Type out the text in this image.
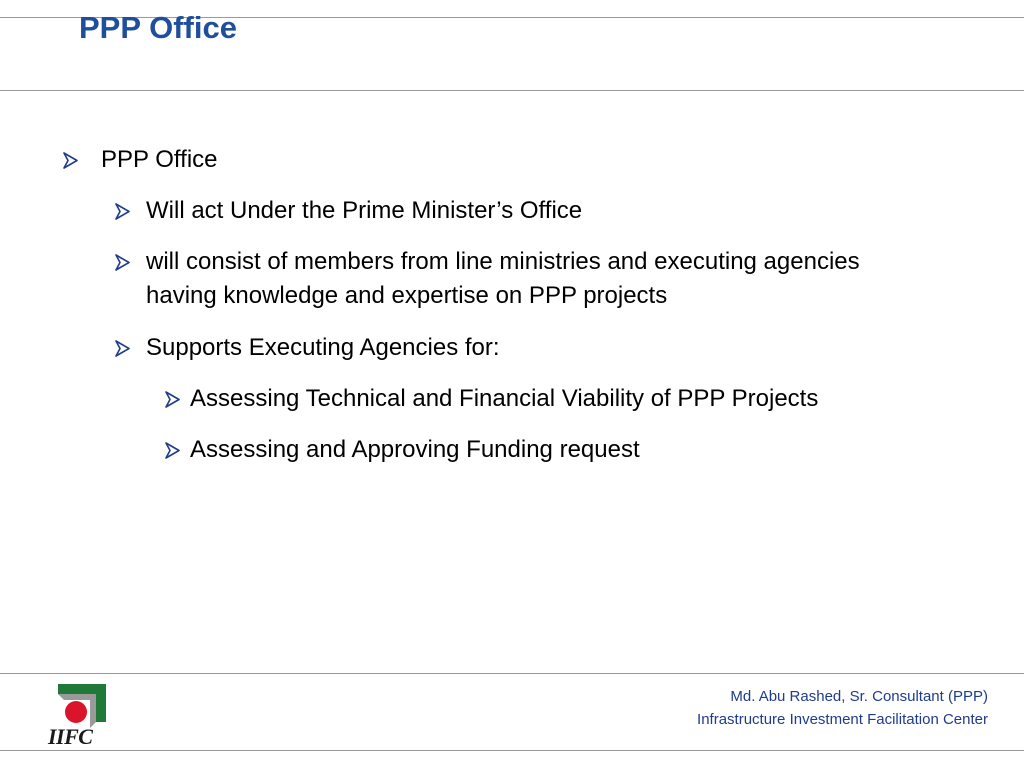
PPP Office
PPP Office
Will act Under the Prime Minister’s Office
will consist of members from line ministries and executing agencies
having knowledge and expertise on PPP projects
Supports Executing Agencies for:
Assessing Technical and Financial Viability of PPP Projects
Assessing and Approving Funding request
IIFC
Md. Abu Rashed, Sr. Consultant (PPP)
Infrastructure Investment Facilitation Center
